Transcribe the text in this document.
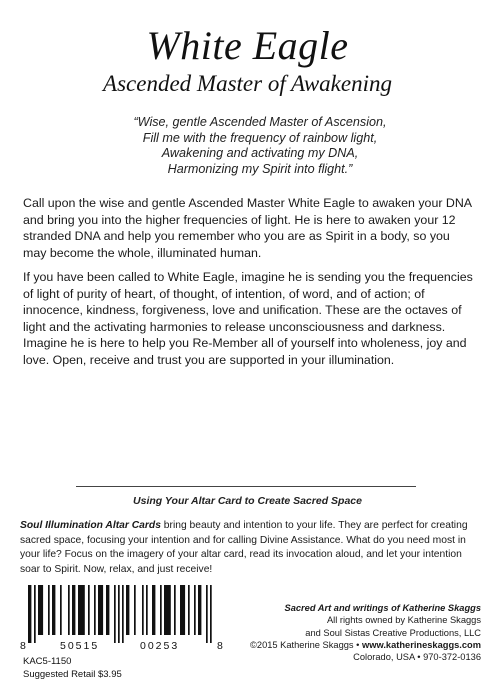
White Eagle
Ascended Master of Awakening
“Wise, gentle Ascended Master of Ascension,
Fill me with the frequency of rainbow light,
Awakening and activating my DNA,
Harmonizing my Spirit into flight.”

Call upon the wise and gentle Ascended Master White Eagle to awaken your DNA and bring you into the higher frequencies of light. He is here to awaken your 12 stranded DNA and help you remember who you are as Spirit in a body, so you may become the whole, illuminated human.

If you have been called to White Eagle, imagine he is sending you the frequencies of light of purity of heart, of thought, of intention, of word, and of action; of innocence, kindness, forgiveness, love and unification. These are the octaves of light and the activating harmonies to release unconsciousness and darkness. Imagine he is here to help you Re-Member all of yourself into wholeness, joy and love. Open, receive and trust you are supported in your illumination.

Using Your Altar Card to Create Sacred Space

Soul Illumination Altar Cards bring beauty and intention to your life. They are perfect for creating sacred space, focusing your intention and for calling Divine Assistance. What do you need most in your life? Focus on the imagery of your altar card, read its invocation aloud, and let your intention soar to Spirit. Now, relax, and just receive!

8	50515	00253	8
KAC5-1150
Suggested Retail $3.95
Sacred Art and writings of Katherine Skaggs
All rights owned by Katherine Skaggs
and Soul Sistas Creative Productions, LLC
©2015 Katherine Skaggs • www.katherineskaggs.com
Colorado, USA • 970-372-0136
